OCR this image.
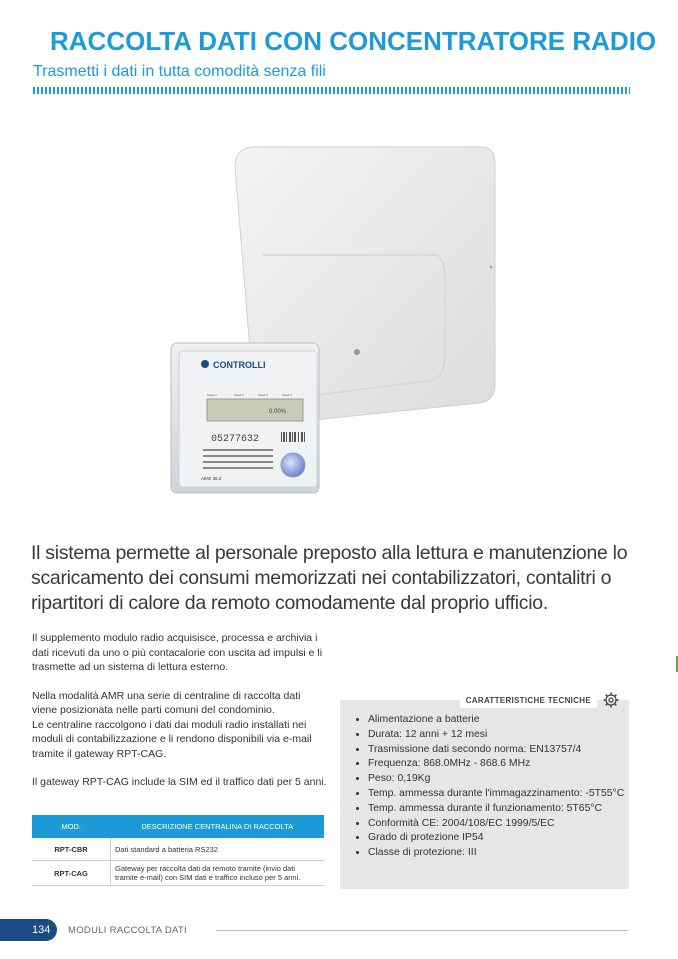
RACCOLTA DATI CON CONCENTRATORE RADIO
Trasmetti i dati in tutta comodità senza fili
CONTROLLI
Assol 1	Assol 2	Assol 3	Assol 4
0.00%
05277632
AEW 36.2
Il sistema permette al personale preposto alla lettura e manutenzione lo scaricamento dei consumi memorizzati nei contabilizzatori, contalitri o ripartitori di calore da remoto comodamente dal proprio ufficio.

Il supplemento modulo radio acquisisce, processa e archivia i dati ricevuti da uno o più contacalorie con uscita ad impulsi e li trasmette ad un sistema di lettura esterno.

Nella modalità AMR una serie di centraline di raccolta dati viene posizionata nelle parti comuni del condominio.

Le centraline raccolgono i dati dai moduli radio installati nei moduli di contabilizzazione e li rendono disponibili via e-mail tramite il gateway RPT-CAG.

Il gateway RPT-CAG include la SIM ed il traffico dati per 5 anni.

MOD.	DESCRIZIONE CENTRALINA DI RACCOLTA
RPT-CBR	Dati standard a batteria RS232
RPT-CAG	Gateway per raccolta dati da remoto tramite (invio dati tramite e-mail) con SIM dati e traffico incluso per 5 anni.
CARATTERISTICHE TECNICHE
• Alimentazione a batterie
• Durata: 12 anni + 12 mesi
• Trasmissione dati secondo norma: EN13757/4
• Frequenza: 868.0MHz - 868.6 MHz
• Peso: 0,19Kg
• Temp. ammessa durante l'immagazzinamento: -5T55°C
• Temp. ammessa durante il funzionamento: 5T65°C
• Conformità CE: 2004/108/EC 1999/5/EC
• Grado di protezione IP54
• Classe di protezione: III
134	MODULI RACCOLTA DATI
